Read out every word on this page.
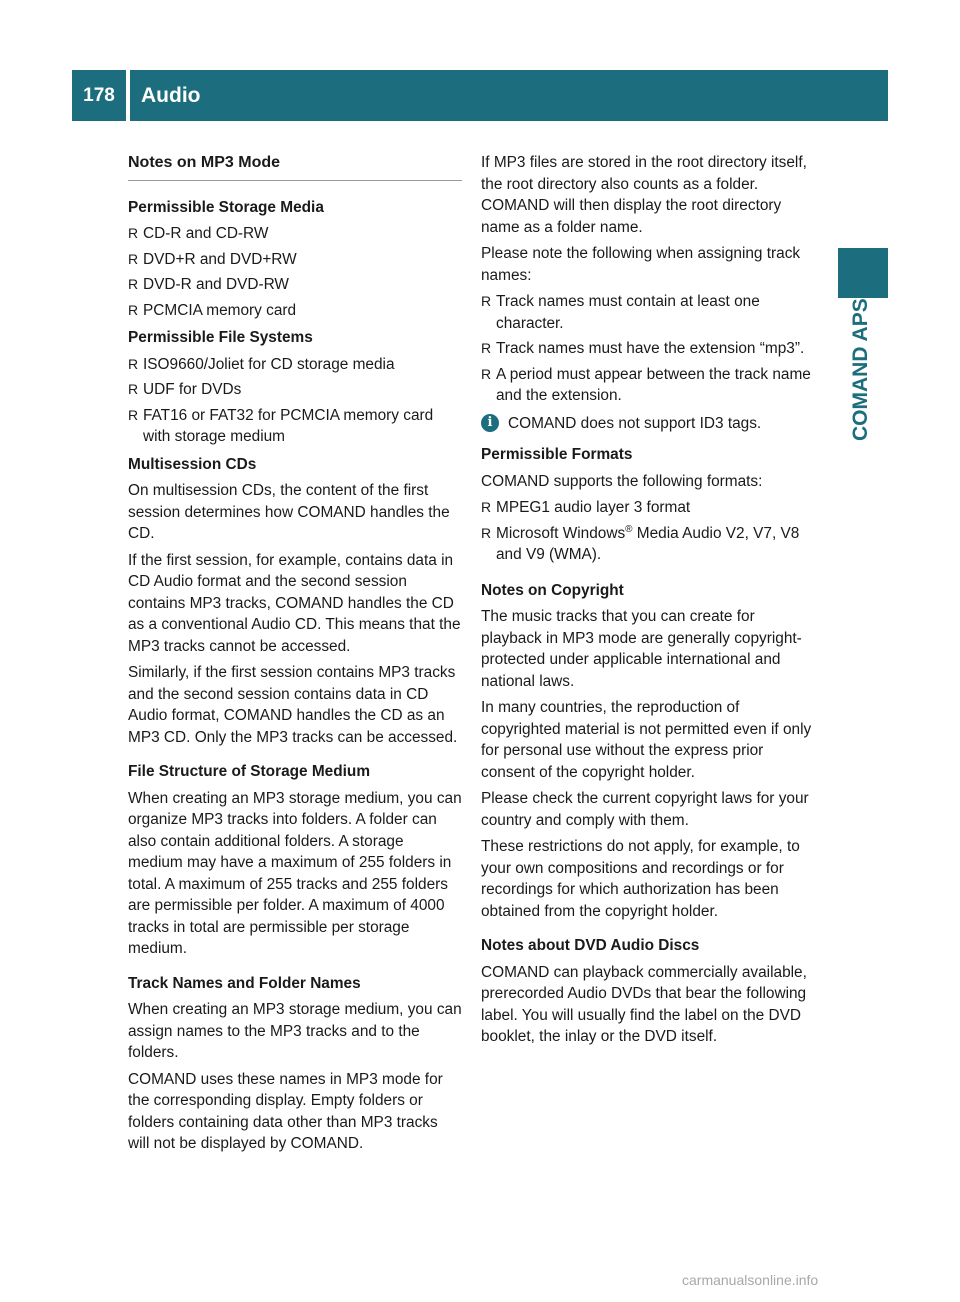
178	Audio
COMAND APS
Notes on MP3 Mode
Permissible Storage Media
R CD-R and CD-RW
R DVD+R and DVD+RW
R DVD-R and DVD-RW
R PCMCIA memory card
Permissible File Systems
R ISO9660/Joliet for CD storage media
R UDF for DVDs
R FAT16 or FAT32 for PCMCIA memory card with storage medium
Multisession CDs

On multisession CDs, the content of the first session determines how COMAND handles the CD.

If the first session, for example, contains data in CD Audio format and the second session contains MP3 tracks, COMAND handles the CD as a conventional Audio CD. This means that the MP3 tracks cannot be accessed.

Similarly, if the first session contains MP3 tracks and the second session contains data in CD Audio format, COMAND handles the CD as an MP3 CD. Only the MP3 tracks can be accessed.

File Structure of Storage Medium

When creating an MP3 storage medium, you can organize MP3 tracks into folders. A folder can also contain additional folders. A storage medium may have a maximum of 255 folders in total. A maximum of 255 tracks and 255 folders are permissible per folder. A maximum of 4000 tracks in total are permissible per storage medium.

Track Names and Folder Names

When creating an MP3 storage medium, you can assign names to the MP3 tracks and to the folders.

COMAND uses these names in MP3 mode for the corresponding display. Empty folders or folders containing data other than MP3 tracks will not be displayed by COMAND.

If MP3 files are stored in the root directory itself, the root directory also counts as a folder. COMAND will then display the root directory name as a folder name.

Please note the following when assigning track names:

R Track names must contain at least one character.
R Track names must have the extension “mp3”.
R A period must appear between the track name and the extension.
i	COMAND does not support ID3 tags.
Permissible Formats

COMAND supports the following formats:

R MPEG1 audio layer 3 format
R Microsoft Windows® Media Audio V2, V7, V8 and V9 (WMA).
Notes on Copyright

The music tracks that you can create for playback in MP3 mode are generally copyright-protected under applicable international and national laws.

In many countries, the reproduction of copyrighted material is not permitted even if only for personal use without the express prior consent of the copyright holder.

Please check the current copyright laws for your country and comply with them.

These restrictions do not apply, for example, to your own compositions and recordings or for recordings for which authorization has been obtained from the copyright holder.

Notes about DVD Audio Discs

COMAND can playback commercially available, prerecorded Audio DVDs that bear the following label. You will usually find the label on the DVD booklet, the inlay or the DVD itself.

carmanualsonline.info
